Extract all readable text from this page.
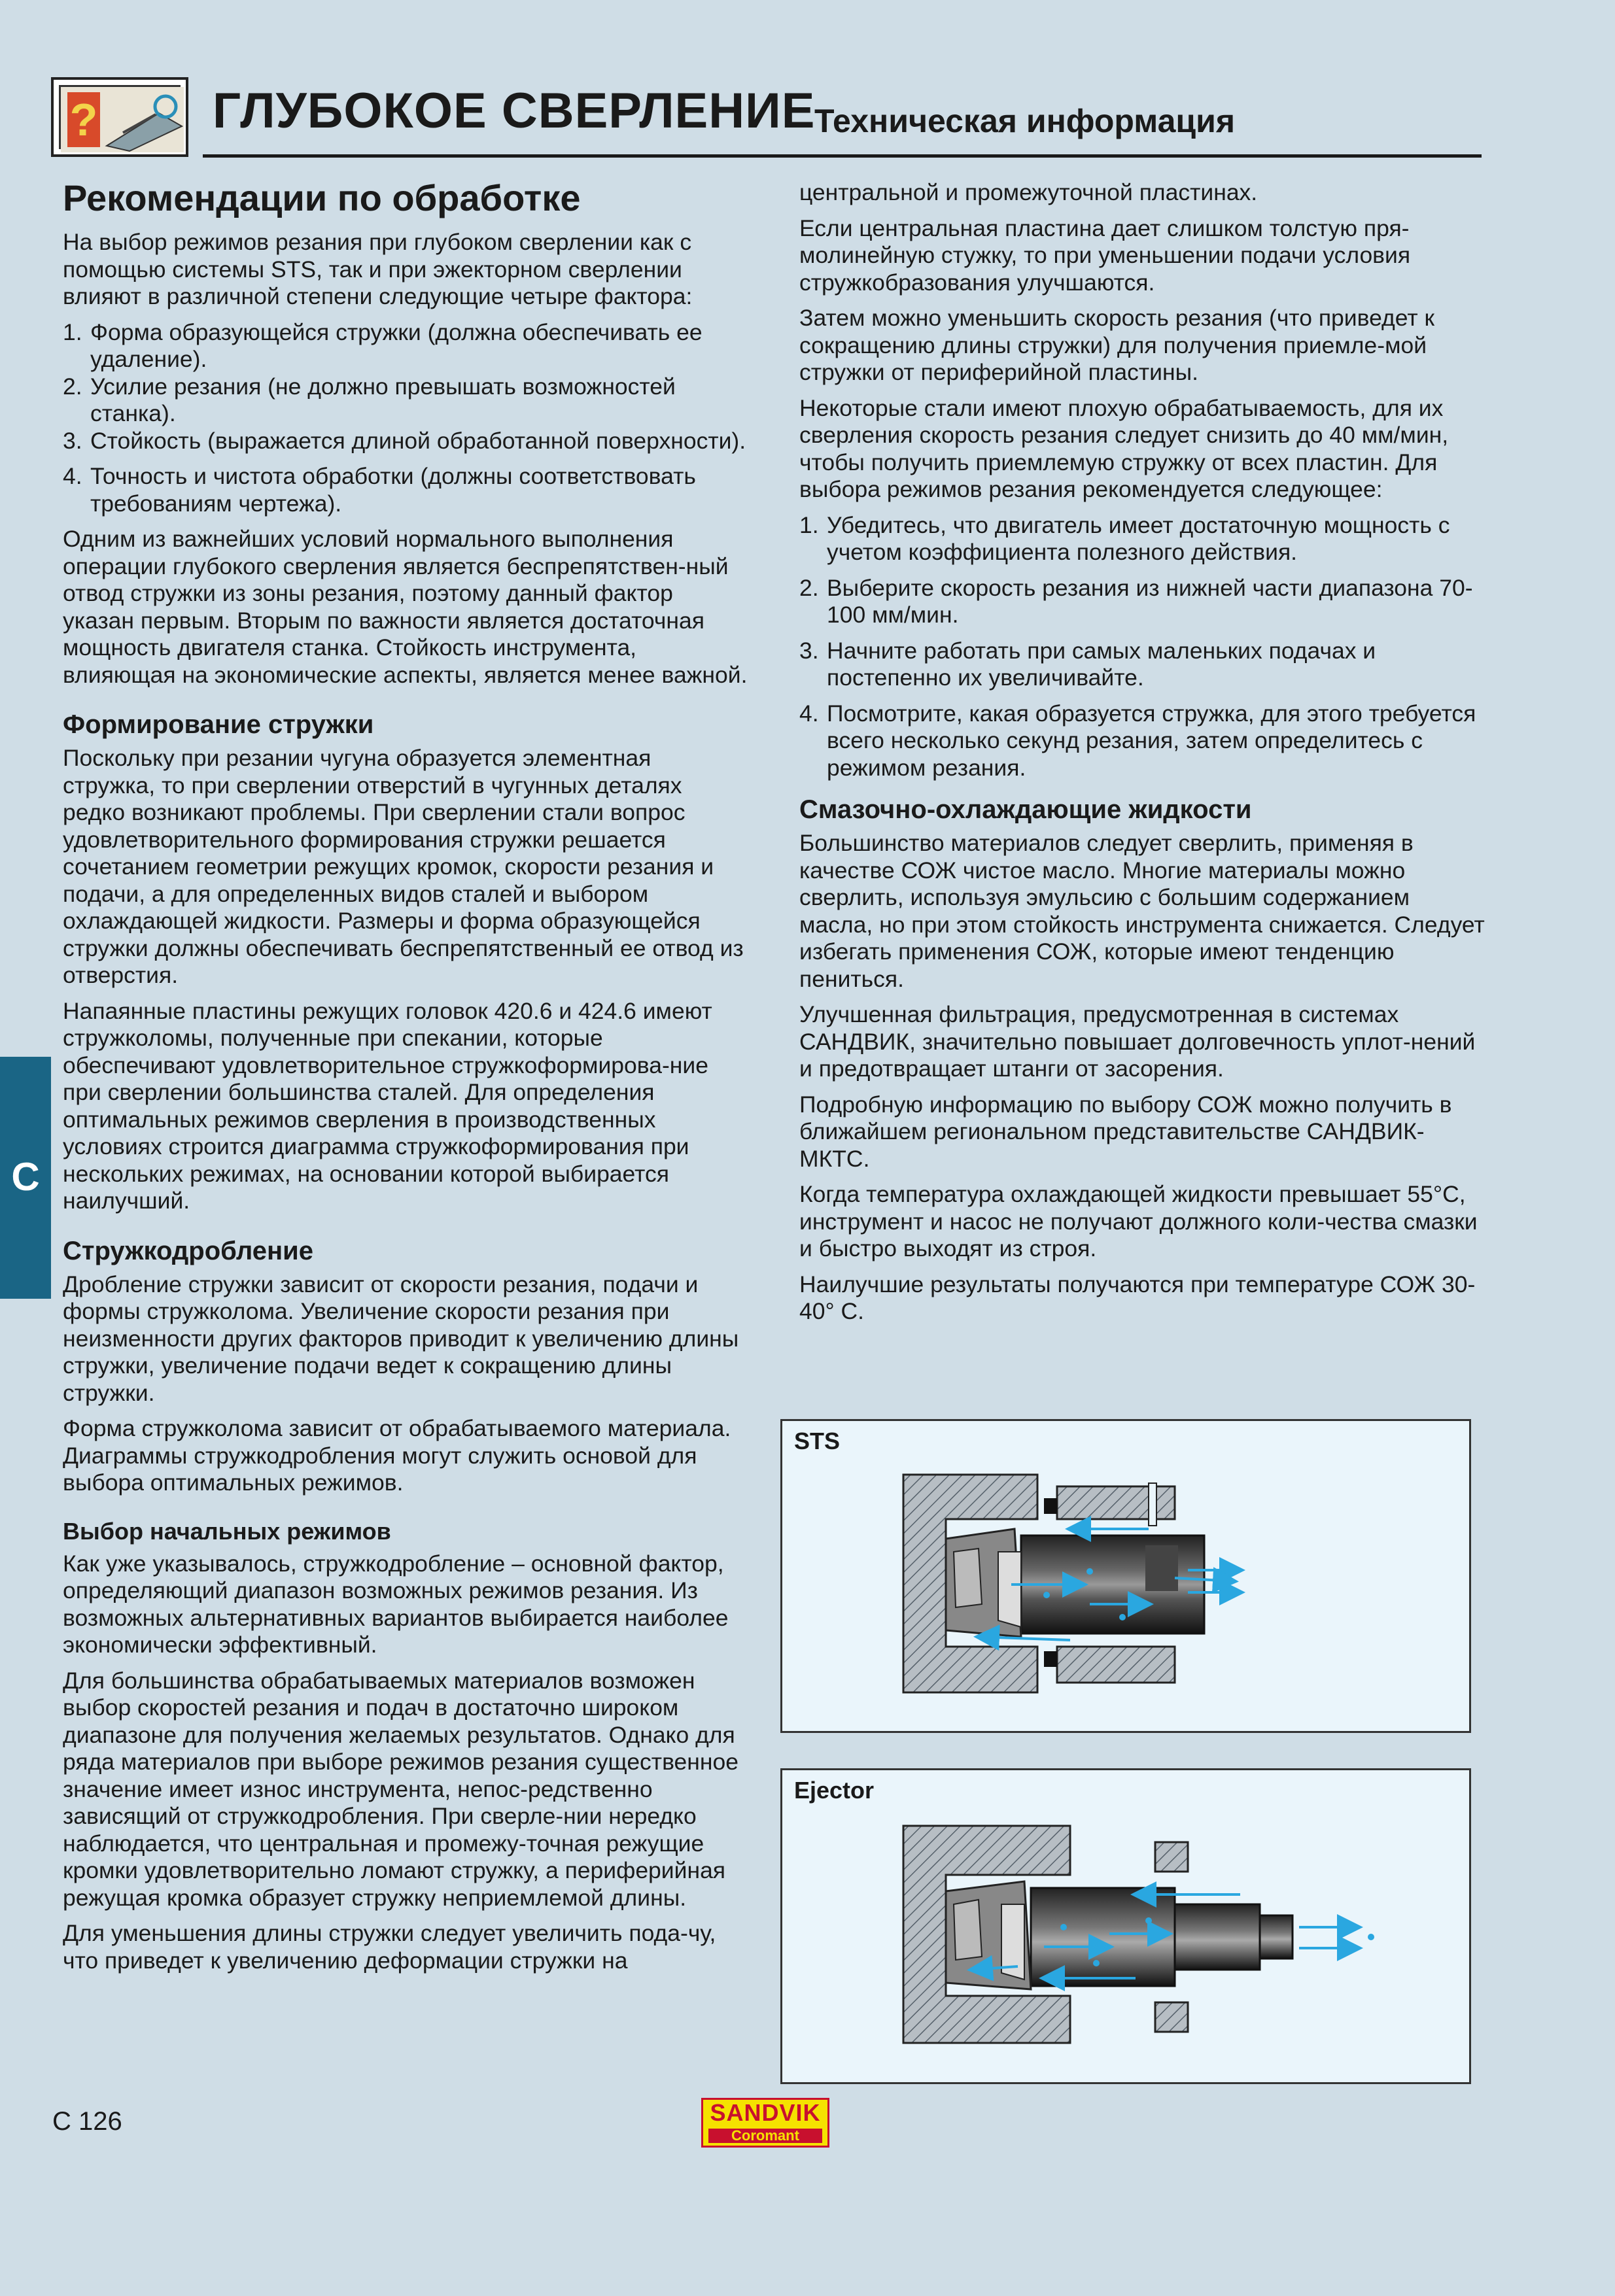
? ГЛУБОКОЕ СВЕРЛЕНИЕ
Техническая информация
C
Рекомендации по обработке

На выбор режимов резания при глубоком сверлении как с помощью системы STS, так и при эжекторном сверлении влияют в различной степени следующие четыре фактора:

1. Форма образующейся стружки (должна обеспечивать ее удаление).
2. Усилие резания (не должно превышать возможностей станка).
3. Стойкость (выражается длиной обработанной поверхности).
4. Точность и чистота обработки (должны соответствовать требованиям чертежа).

Одним из важнейших условий нормального выполнения операции глубокого сверления является беспрепятствен-ный отвод стружки из зоны резания, поэтому данный фактор указан первым. Вторым по важности является достаточная мощность двигателя станка. Стойкость инструмента, влияющая на экономические аспекты, является менее важной.

Формирование стружки

Поскольку при резании чугуна образуется элементная стружка, то при сверлении отверстий в чугунных деталях редко возникают проблемы. При сверлении стали вопрос удовлетворительного формирования стружки решается сочетанием геометрии режущих кромок, скорости резания и подачи, а для определенных видов сталей и выбором охлаждающей жидкости. Размеры и форма образующейся стружки должны обеспечивать беспрепятственный ее отвод из отверстия.

Напаянные пластины режущих головок 420.6 и 424.6 имеют стружколомы, полученные при спекании, которые обеспечивают удовлетворительное стружкоформирова-ние при сверлении большинства сталей. Для определения оптимальных режимов сверления в производственных условиях строится диаграмма стружкоформирования при нескольких режимах, на основании которой выбирается наилучший.

Стружкодробление

Дробление стружки зависит от скорости резания, подачи и формы стружколома. Увеличение скорости резания при неизменности других факторов приводит к увеличению длины стружки, увеличение подачи ведет к сокращению длины стружки.

Форма стружколома зависит от обрабатываемого материала. Диаграммы стружкодробления могут служить основой для выбора оптимальных режимов.

Выбор начальных режимов

Как уже указывалось, стружкодробление – основной фактор, определяющий диапазон возможных режимов резания. Из возможных альтернативных вариантов выбирается наиболее экономически эффективный.

Для большинства обрабатываемых материалов возможен выбор скоростей резания и подач в достаточно широком диапазоне для получения желаемых результатов. Однако для ряда материалов при выборе режимов резания существенное значение имеет износ инструмента, непос-редственно зависящий от стружкодробления. При сверле-нии нередко наблюдается, что центральная и промежу-точная режущие кромки удовлетворительно ломают стружку, а периферийная режущая кромка образует стружку неприемлемой длины.

Для уменьшения длины стружки следует увеличить пода-чу, что приведет к увеличению деформации стружки на

центральной и промежуточной пластинах.

Если центральная пластина дает слишком толстую пря-молинейную стужку, то при уменьшении подачи условия стружкобразования улучшаются.

Затем можно уменьшить скорость резания (что приведет к сокращению длины стружки) для получения приемле-мой стружки от периферийной пластины.

Некоторые стали имеют плохую обрабатываемость, для их сверления скорость резания следует снизить до 40 мм/мин, чтобы получить приемлемую стружку от всех пластин. Для выбора режимов резания рекомендуется следующее:

1. Убедитесь, что двигатель имеет достаточную мощность с учетом коэффициента полезного действия.
2. Выберите скорость резания из нижней части диапазона 70-100 мм/мин.
3. Начните работать при самых маленьких подачах и постепенно их увеличивайте.
4. Посмотрите, какая образуется стружка, для этого требуется всего несколько секунд резания, затем определитесь с режимом резания.
Смазочно-охлаждающие жидкости

Большинство материалов следует сверлить, применяя в качестве СОЖ чистое масло. Многие материалы можно сверлить, используя эмульсию с большим содержанием масла, но при этом стойкость инструмента снижается. Следует избегать применения СОЖ, которые имеют тенденцию пениться.

Улучшенная фильтрация, предусмотренная в системах САНДВИК, значительно повышает долговечность уплот-нений и предотвращает штанги от засорения.

Подробную информацию по выбору СОЖ можно получить в ближайшем региональном представительстве САНДВИК-МКТС.

Когда температура охлаждающей жидкости превышает 55°С, инструмент и насос не получают должного коли-чества смазки и быстро выходят из строя.

Наилучшие результаты получаются при температуре СОЖ 30-40° С.

STS
Ejector
C 126	SANDVIK
Coromant
